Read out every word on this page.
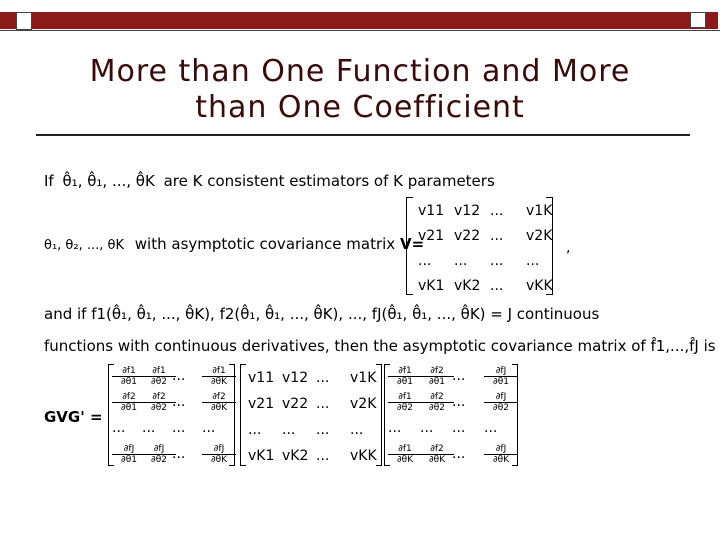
More than One Function and More
than One Coefficient
If θ̂₁, θ̂₁, ..., θ̂K are K consistent estimators of K parameters
θ₁, θ₂, ..., θK with asymptotic covariance matrix V=
v11 v12 ... v1K
v21 v22 ... v2K
... ... ... ...
vK1 vK2 ... vKK
,
and if f1(θ̂₁, θ̂₁, ..., θ̂K), f2(θ̂₁, θ̂₁, ..., θ̂K), ..., fJ(θ̂₁, θ̂₁, ..., θ̂K) = J continuous
functions with continuous derivatives, then the asymptotic covariance matrix of f̂1,...,f̂J is
GVG' =
$\frac{\partial f1}{\partial\theta 1}$
$\frac{\partial f1}{\partial\theta 2}$
... $\frac{\partial f1}{\partial\theta K}$
$\frac{\partial f2}{\partial\theta 1}$
$\frac{\partial f2}{\partial\theta 2}$
... $\frac{\partial f2}{\partial\theta K}$
... ... ... ...
$\frac{\partial fJ}{\partial\theta 1}$
$\frac{\partial fJ}{\partial\theta 2}$
... $\frac{\partial fJ}{\partial\theta K}$
v11 v12 ... v1K
v21 v22 ... v2K
... ... ... ...
vK1 vK2 ... vKK
$\frac{\partial f1}{\partial\theta 1}$
$\frac{\partial f2}{\partial\theta 1}$
... $\frac{\partial fJ}{\partial\theta 1}$
$\frac{\partial f1}{\partial\theta 2}$
$\frac{\partial f2}{\partial\theta 2}$
... $\frac{\partial fJ}{\partial\theta 2}$
... ... ... ...
$\frac{\partial f1}{\partial\theta K}$
$\frac{\partial f2}{\partial\theta K}$
... $\frac{\partial fJ}{\partial\theta K}$
